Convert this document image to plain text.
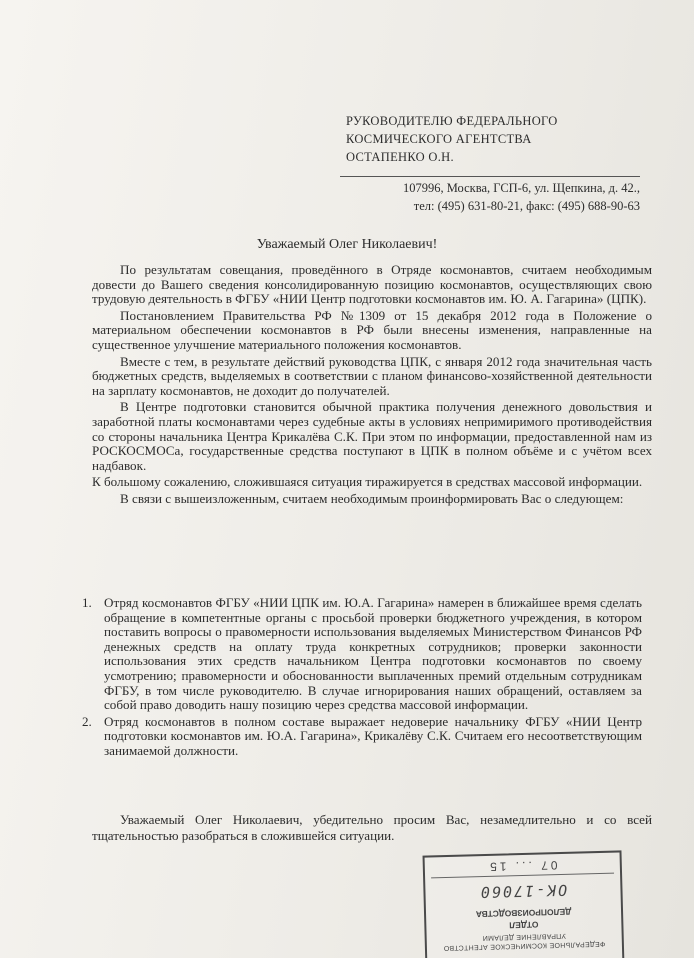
РУКОВОДИТЕЛЮ ФЕДЕРАЛЬНОГО
КОСМИЧЕСКОГО АГЕНТСТВА
ОСТАПЕНКО О.Н.
107996, Москва, ГСП-6, ул. Щепкина, д. 42.,
тел: (495) 631-80-21, факс: (495) 688-90-63
Уважаемый Олег Николаевич!

По результатам совещания, проведённого в Отряде космонавтов, считаем необходимым довести до Вашего сведения консолидированную позицию космонавтов, осуществляющих свою трудовую деятельность в ФГБУ «НИИ Центр подготовки космонавтов им. Ю. А. Гагарина» (ЦПК).

Постановлением Правительства РФ №1309 от 15 декабря 2012 года в Положение о материальном обеспечении космонавтов в РФ были внесены изменения, направленные на существенное улучшение материального положения космонавтов.

Вместе с тем, в результате действий руководства ЦПК, с января 2012 года значительная часть бюджетных средств, выделяемых в соответствии с планом финансово-хозяйственной деятельности на зарплату космонавтов, не доходит до получателей.

В Центре подготовки становится обычной практика получения денежного довольствия и заработной платы космонавтами через судебные акты в условиях непримиримого противодействия со стороны начальника Центра Крикалёва С.К. При этом по информации, предоставленной нам из РОСКОСМОСа, государственные средства поступают в ЦПК в полном объёме и с учётом всех надбавок.

К большому сожалению, сложившаяся ситуация тиражируется в средствах массовой информации.

В связи с вышеизложенным, считаем необходимым проинформировать Вас о следующем:

1. Отряд космонавтов ФГБУ «НИИ ЦПК им. Ю.А. Гагарина» намерен в ближайшее время сделать обращение в компетентные органы с просьбой проверки бюджетного учреждения, в котором поставить вопросы о правомерности использования выделяемых Министерством Финансов РФ денежных средств на оплату труда конкретных сотрудников; проверки законности использования этих средств начальником Центра подготовки космонавтов по своему усмотрению; правомерности и обоснованности выплаченных премий отдельным сотрудникам ФГБУ, в том числе руководителю. В случае игнорирования наших обращений, оставляем за собой право доводить нашу позицию через средства массовой информации.
2. Отряд космонавтов в полном составе выражает недоверие начальнику ФГБУ «НИИ Центр подготовки космонавтов им. Ю.А. Гагарина», Крикалёву С.К. Считаем его несоответствующим занимаемой должности.
Уважаемый Олег Николаевич, убедительно просим Вас, незамедлительно и со всей тщательностью разобраться в сложившейся ситуации.
ФЕДЕРАЛЬНОЕ КОСМИЧЕСКОЕ АГЕНТСТВО
УПРАВЛЕНИЕ ДЕЛАМИ
ОТДЕЛ
ДЕЛОПРОИЗВОДСТВА
ОК-17060
07 ... 15
